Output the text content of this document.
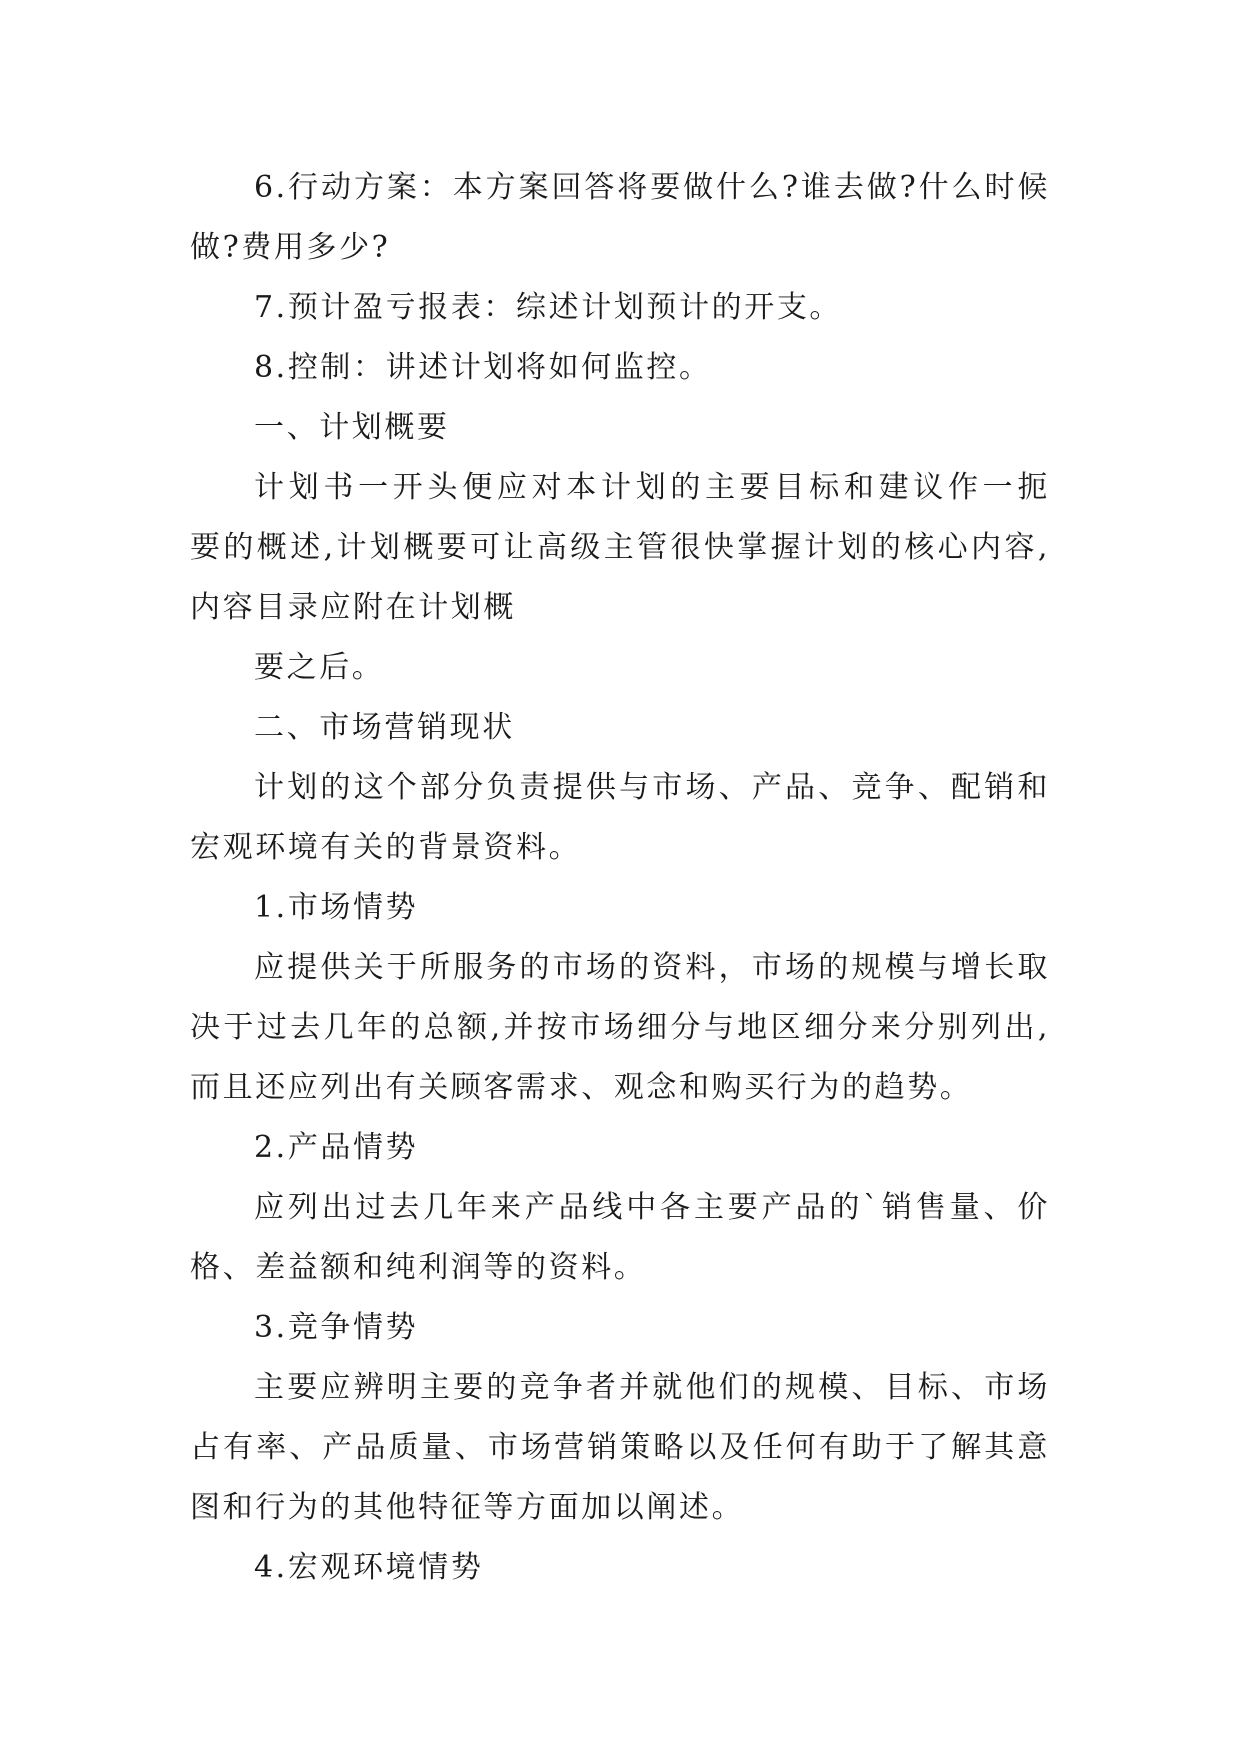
6.行动方案：本方案回答将要做什么?谁去做?什么时候
做?费用多少?
7.预计盈亏报表：综述计划预计的开支。
8.控制：讲述计划将如何监控。
一、计划概要
计划书一开头便应对本计划的主要目标和建议作一扼
要的概述,计划概要可让高级主管很快掌握计划的核心内容,
内容目录应附在计划概
要之后。
二、市场营销现状
计划的这个部分负责提供与市场、产品、竞争、配销和
宏观环境有关的背景资料。
1.市场情势
应提供关于所服务的市场的资料，市场的规模与增长取
决于过去几年的总额,并按市场细分与地区细分来分别列出,
而且还应列出有关顾客需求、观念和购买行为的趋势。
2.产品情势
应列出过去几年来产品线中各主要产品的`销售量、价
格、差益额和纯利润等的资料。
3.竞争情势
主要应辨明主要的竞争者并就他们的规模、目标、市场
占有率、产品质量、市场营销策略以及任何有助于了解其意
图和行为的其他特征等方面加以阐述。
4.宏观环境情势
